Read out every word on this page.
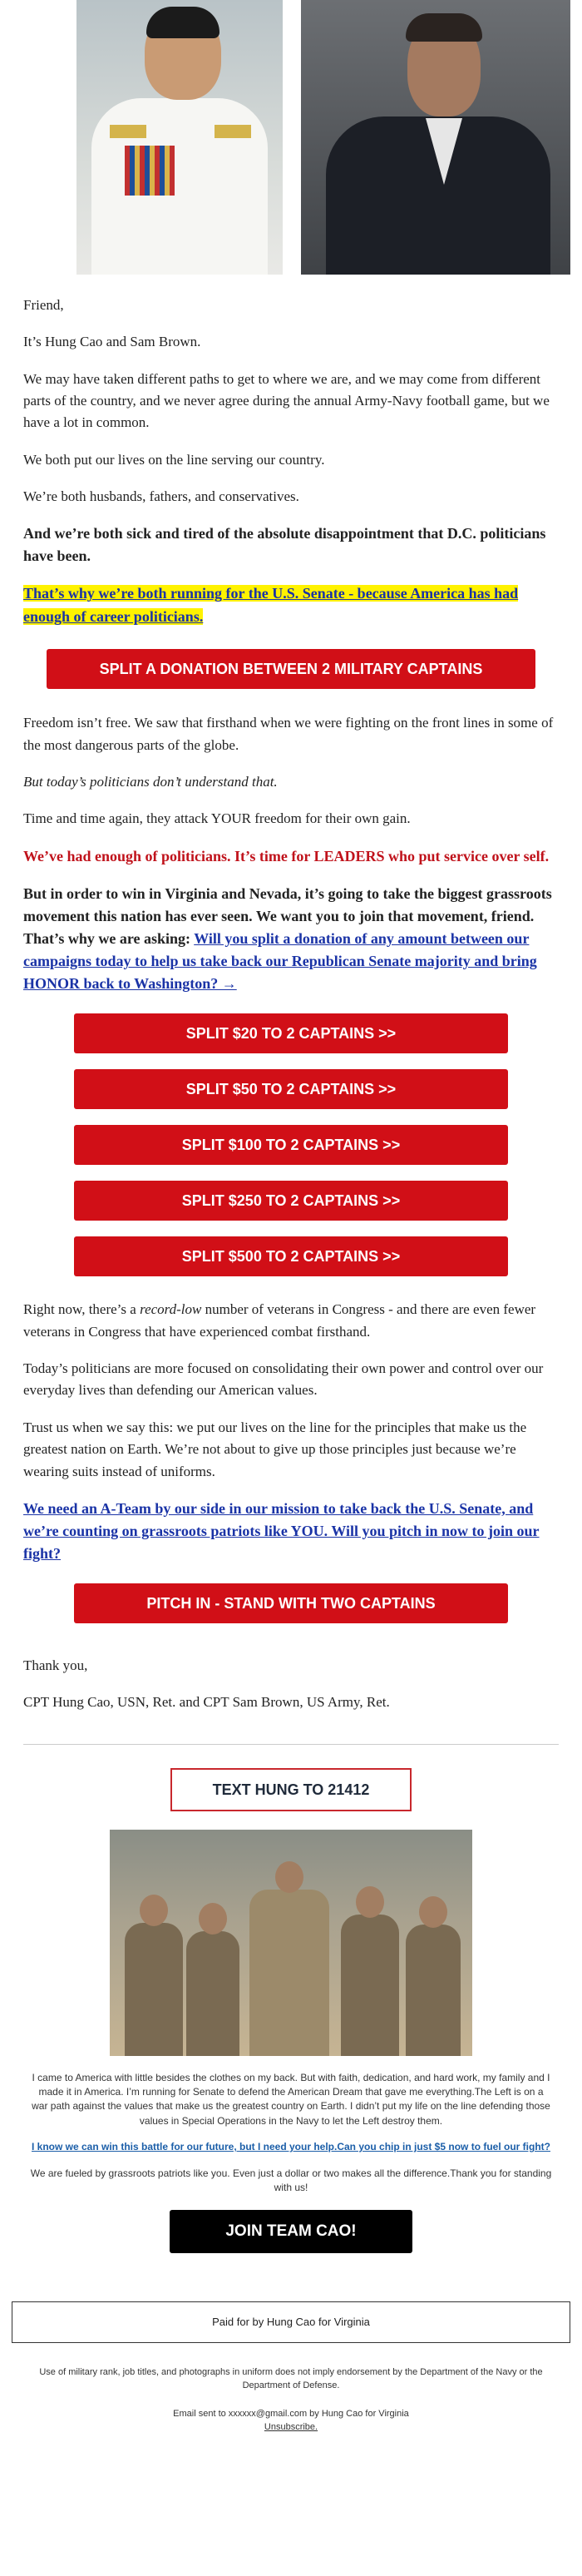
Friend,

It’s Hung Cao and Sam Brown.

We may have taken different paths to get to where we are, and we may come from different parts of the country, and we never agree during the annual Army-Navy football game, but we have a lot in common.

We both put our lives on the line serving our country.

We’re both husbands, fathers, and conservatives.

And we’re both sick and tired of the absolute disappointment that D.C. politicians have been.

That’s why we’re both running for the U.S. Senate - because America has had enough of career politicians.

SPLIT A DONATION BETWEEN 2 MILITARY CAPTAINS

Freedom isn’t free. We saw that firsthand when we were fighting on the front lines in some of the most dangerous parts of the globe.

But today’s politicians don’t understand that.

Time and time again, they attack YOUR freedom for their own gain.

We’ve had enough of politicians. It’s time for LEADERS who put service over self.

But in order to win in Virginia and Nevada, it’s going to take the biggest grassroots movement this nation has ever seen. We want you to join that movement, friend. That’s why we are asking: Will you split a donation of any amount between our campaigns today to help us take back our Republican Senate majority and bring HONOR back to Washington? →

SPLIT $20 TO 2 CAPTAINS >>
SPLIT $50 TO 2 CAPTAINS >>
SPLIT $100 TO 2 CAPTAINS >>
SPLIT $250 TO 2 CAPTAINS >>
SPLIT $500 TO 2 CAPTAINS >>

Right now, there’s a record-low number of veterans in Congress - and there are even fewer veterans in Congress that have experienced combat firsthand.

Today’s politicians are more focused on consolidating their own power and control over our everyday lives than defending our American values.

Trust us when we say this: we put our lives on the line for the principles that make us the greatest nation on Earth. We’re not about to give up those principles just because we’re wearing suits instead of uniforms.

We need an A-Team by our side in our mission to take back the U.S. Senate, and we’re counting on grassroots patriots like YOU. Will you pitch in now to join our fight?

PITCH IN - STAND WITH TWO CAPTAINS

Thank you,

CPT Hung Cao, USN, Ret. and CPT Sam Brown, US Army, Ret.

TEXT HUNG TO 21412

I came to America with little besides the clothes on my back. But with faith, dedication, and hard work, my family and I made it in America. I’m running for Senate to defend the American Dream that gave me everything.The Left is on a war path against the values that make us the greatest country on Earth. I didn’t put my life on the line defending those values in Special Operations in the Navy to let the Left destroy them.

I know we can win this battle for our future, but I need your help.Can you chip in just $5 now to fuel our fight?

We are fueled by grassroots patriots like you. Even just a dollar or two makes all the difference.Thank you for standing with us!

JOIN TEAM CAO!
Paid for by Hung Cao for Virginia

Use of military rank, job titles, and photographs in uniform does not imply endorsement by the Department of the Navy or the Department of Defense.

Email sent to xxxxxx@gmail.com by Hung Cao for Virginia

Unsubscribe.
